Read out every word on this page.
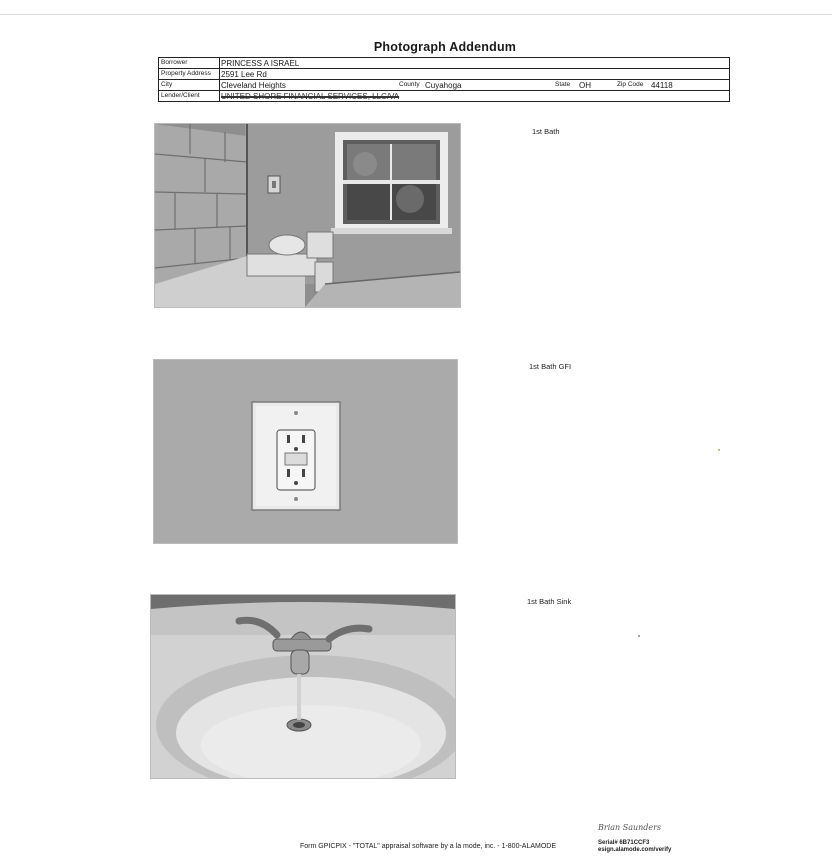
Photograph Addendum
Borrower	PRINCESS A ISRAEL
Property Address	2591 Lee Rd
City	Cleveland Heights	County Cuyahoga	State OH	Zip Code 44118
Lender/Client	UNITED SHORE FINANCIAL SERVICES, LLC/VA
1st Bath
1st Bath GFI
1st Bath Sink
Form GPICPIX - "TOTAL" appraisal software by a la mode, inc. - 1-800-ALAMODE
Brian Saunders
Serial# 6B71CCF3
esign.alamode.com/verify
